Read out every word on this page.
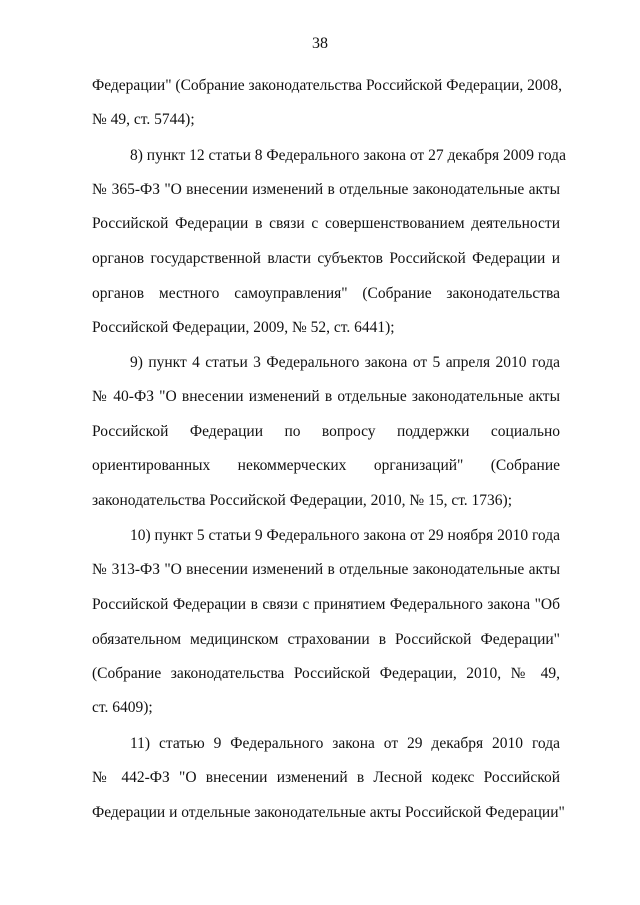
38
Федерации" (Собрание законодательства Российской Федерации, 2008,
№ 49, ст. 5744);
8) пункт 12 статьи 8 Федерального закона от 27 декабря 2009 года
№ 365-ФЗ "О внесении изменений в отдельные законодательные акты
Российской Федерации в связи с совершенствованием деятельности
органов государственной власти субъектов Российской Федерации и
органов местного самоуправления" (Собрание законодательства
Российской Федерации, 2009, № 52, ст. 6441);
9) пункт 4 статьи 3 Федерального закона от 5 апреля 2010 года
№ 40-ФЗ "О внесении изменений в отдельные законодательные акты
Российской Федерации по вопросу поддержки социально
ориентированных некоммерческих организаций" (Собрание
законодательства Российской Федерации, 2010, № 15, ст. 1736);
10) пункт 5 статьи 9 Федерального закона от 29 ноября 2010 года
№ 313-ФЗ "О внесении изменений в отдельные законодательные акты
Российской Федерации в связи с принятием Федерального закона "Об
обязательном медицинском страховании в Российской Федерации"
(Собрание законодательства Российской Федерации, 2010, № 49,
ст. 6409);
11) статью 9 Федерального закона от 29 декабря 2010 года
№ 442-ФЗ "О внесении изменений в Лесной кодекс Российской
Федерации и отдельные законодательные акты Российской Федерации"
